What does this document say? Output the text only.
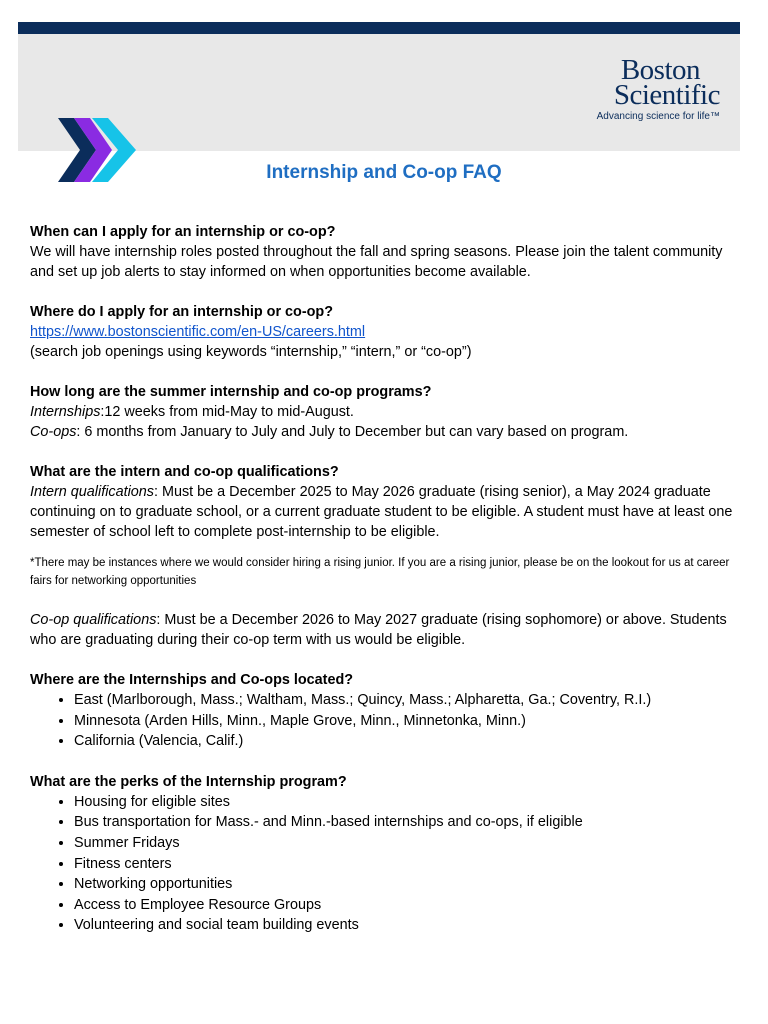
Boston
Scientific
Advancing science for life™
Internship and Co-op FAQ
When can I apply for an internship or co-op?

We will have internship roles posted throughout the fall and spring seasons. Please join the talent community and set up job alerts to stay informed on when opportunities become available.

Where do I apply for an internship or co-op?

https://www.bostonscientific.com/en-US/careers.html

(search job openings using keywords “internship,” “intern,” or “co-op”)

How long are the summer internship and co-op programs?

Internships:12 weeks from mid-May to mid-August.

Co-ops: 6 months from January to July and July to December but can vary based on program.

What are the intern and co-op qualifications?

Intern qualifications: Must be a December 2025 to May 2026 graduate (rising senior), a May 2024 graduate continuing on to graduate school, or a current graduate student to be eligible. A student must have at least one semester of school left to complete post-internship to be eligible.

*There may be instances where we would consider hiring a rising junior. If you are a rising junior, please be on the lookout for us at career fairs for networking opportunities

Co-op qualifications: Must be a December 2026 to May 2027 graduate (rising sophomore) or above. Students who are graduating during their co-op term with us would be eligible.

Where are the Internships and Co-ops located?
• East (Marlborough, Mass.; Waltham, Mass.; Quincy, Mass.; Alpharetta, Ga.; Coventry, R.I.)
• Minnesota (Arden Hills, Minn., Maple Grove, Minn., Minnetonka, Minn.)
• California (Valencia, Calif.)
What are the perks of the Internship program?
• Housing for eligible sites
• Bus transportation for Mass.- and Minn.-based internships and co-ops, if eligible
• Summer Fridays
• Fitness centers
• Networking opportunities
• Access to Employee Resource Groups
• Volunteering and social team building events
